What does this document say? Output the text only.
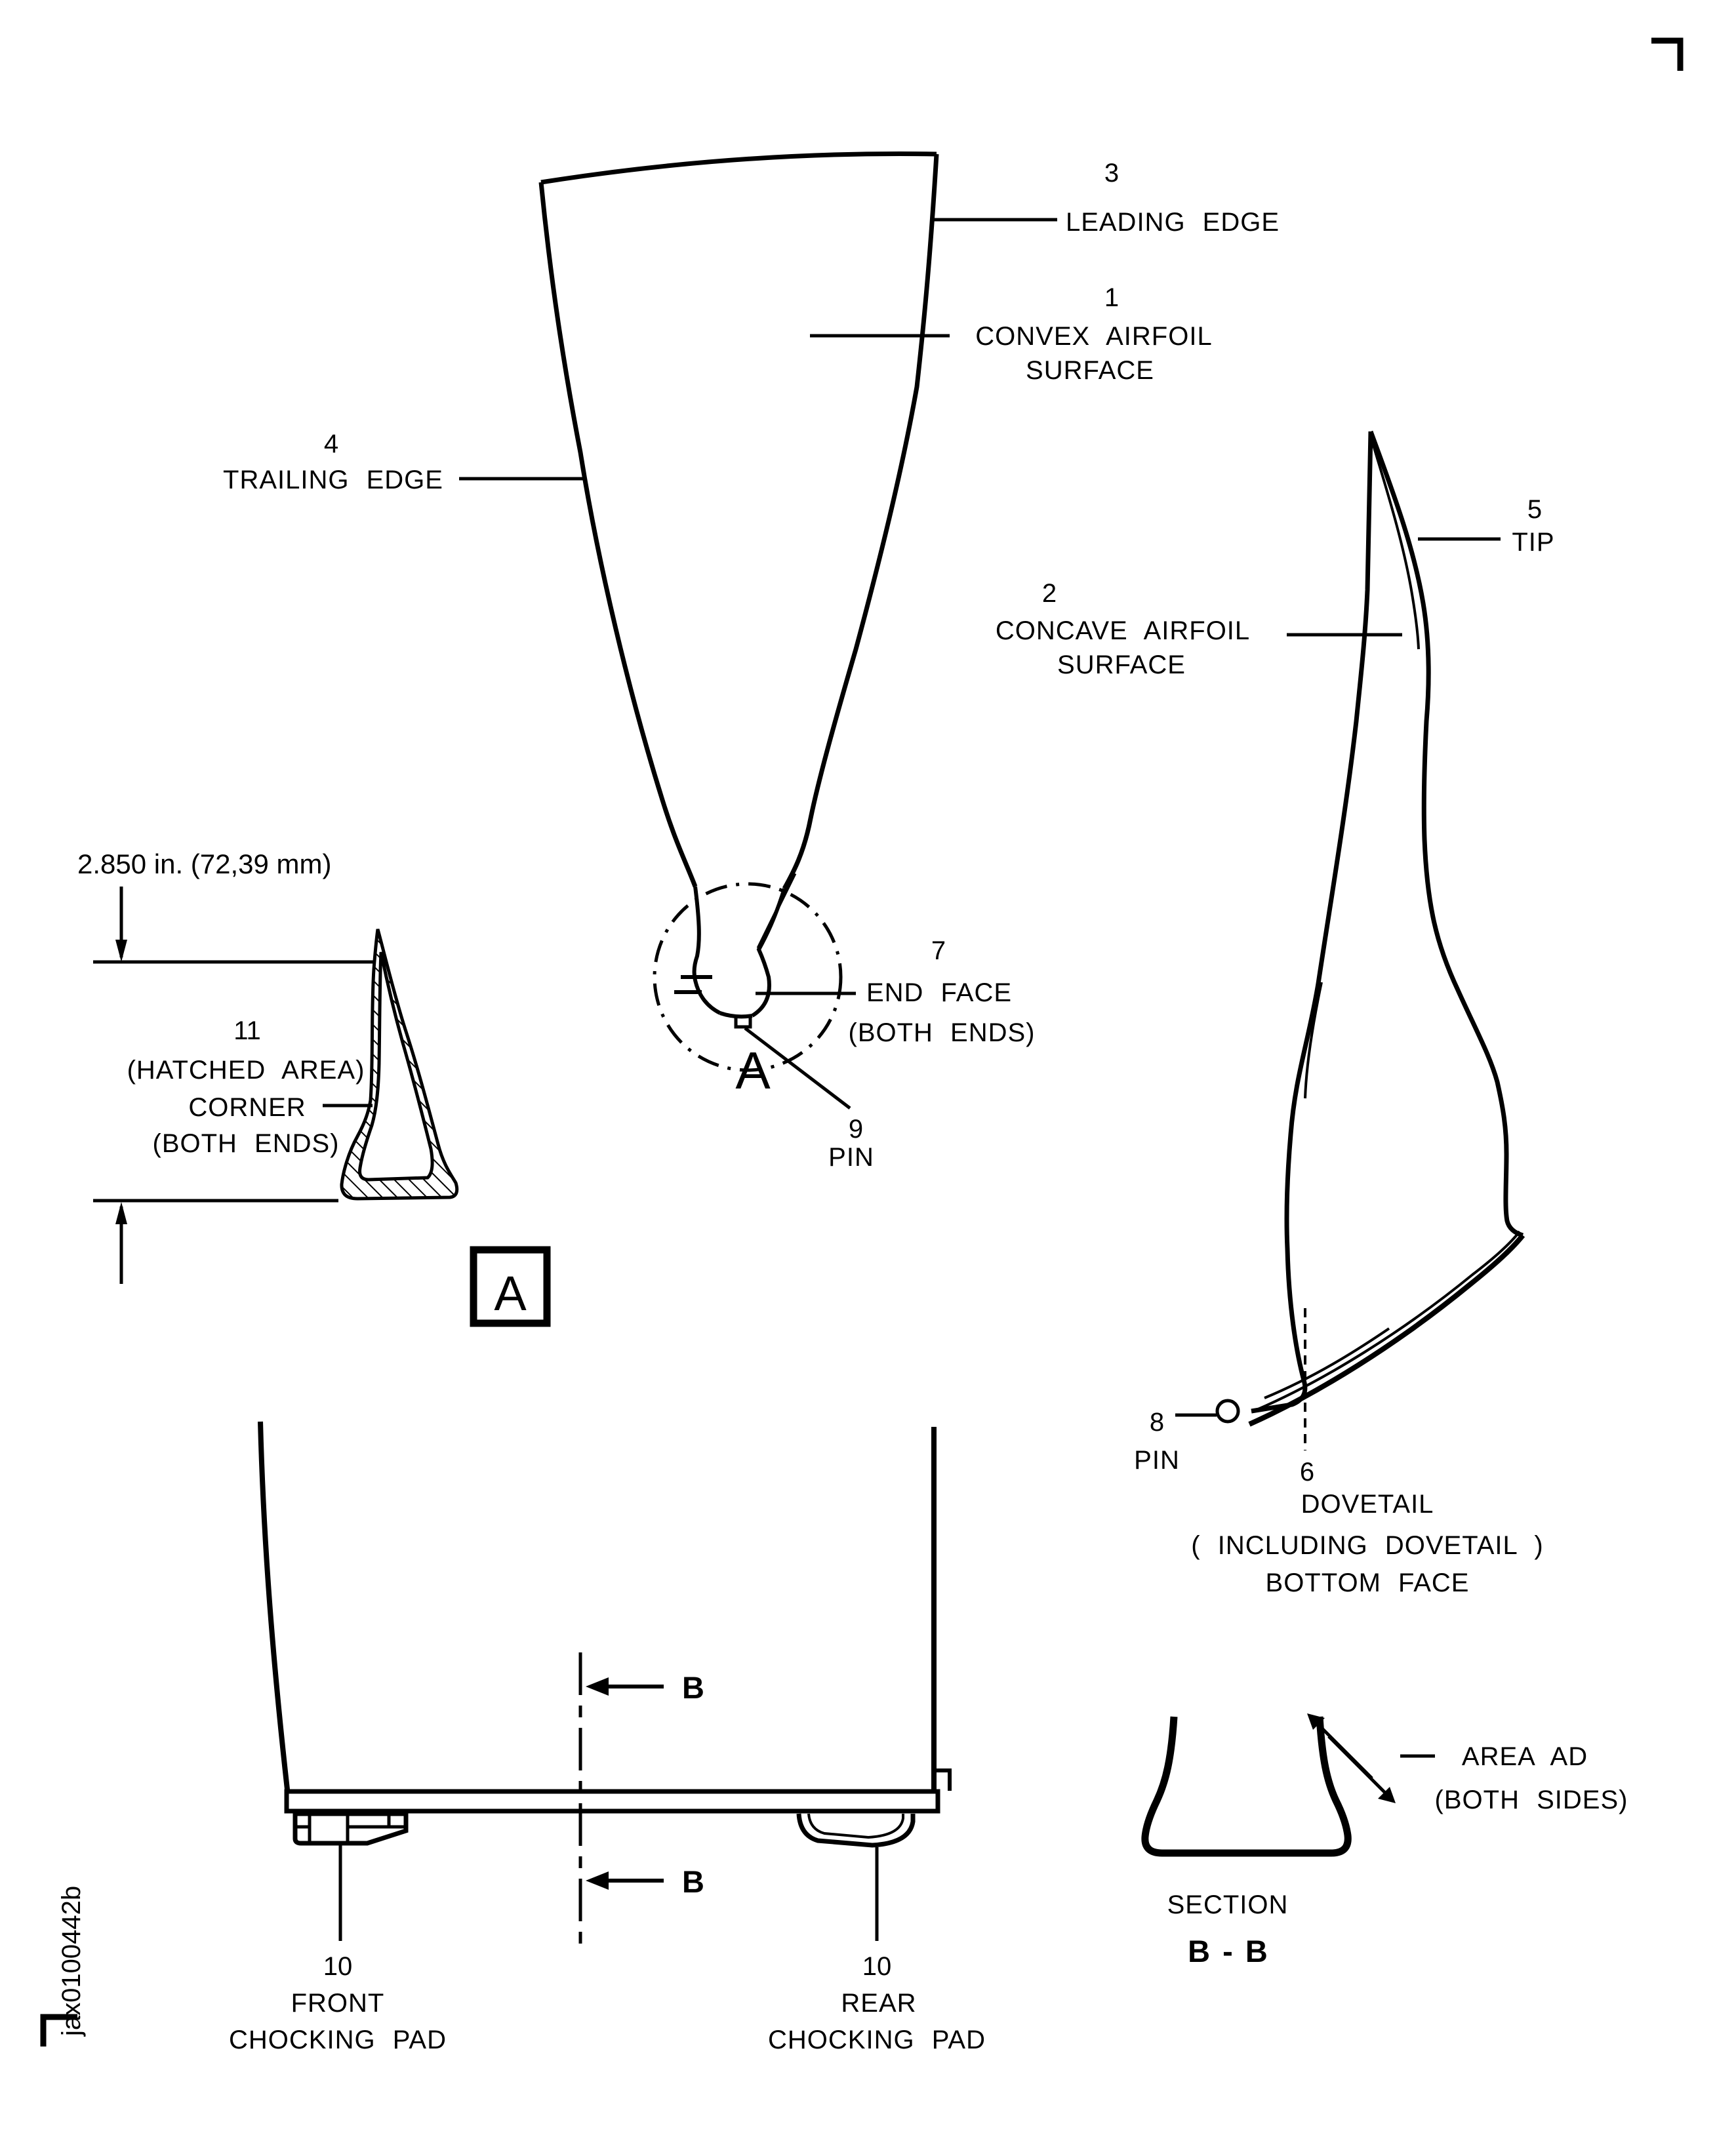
jax0100442b
A
3
LEADING EDGE
1
CONVEX AIRFOIL
SURFACE
4
TRAILING EDGE
7
END FACE
(BOTH ENDS)
9
PIN
2.850 in. (72,39 mm)
11
(HATCHED AREA)
CORNER
(BOTH ENDS)
A
5
TIP
2
CONCAVE AIRFOIL
SURFACE
8
PIN	6
DOVETAIL
( INCLUDING DOVETAIL )
BOTTOM FACE
B
B
10
FRONT
CHOCKING PAD
10
REAR
CHOCKING PAD
AREA AD
(BOTH SIDES)
SECTION
B - B
